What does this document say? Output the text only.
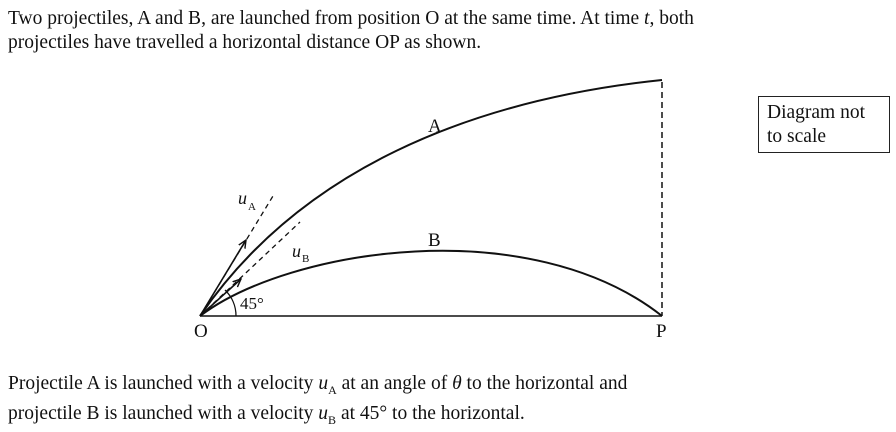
Two projectiles, A and B, are launched from position O at the same time. At time t, both
projectiles have travelled a horizontal distance OP as shown.

Diagram not
to scale
A
B
45°
O	P
$u_A$
$u_B$

Projectile A is launched with a velocity $u_A$ at an angle of θ to the horizontal and
projectile B is launched with a velocity $u_B$ at 45° to the horizontal.
